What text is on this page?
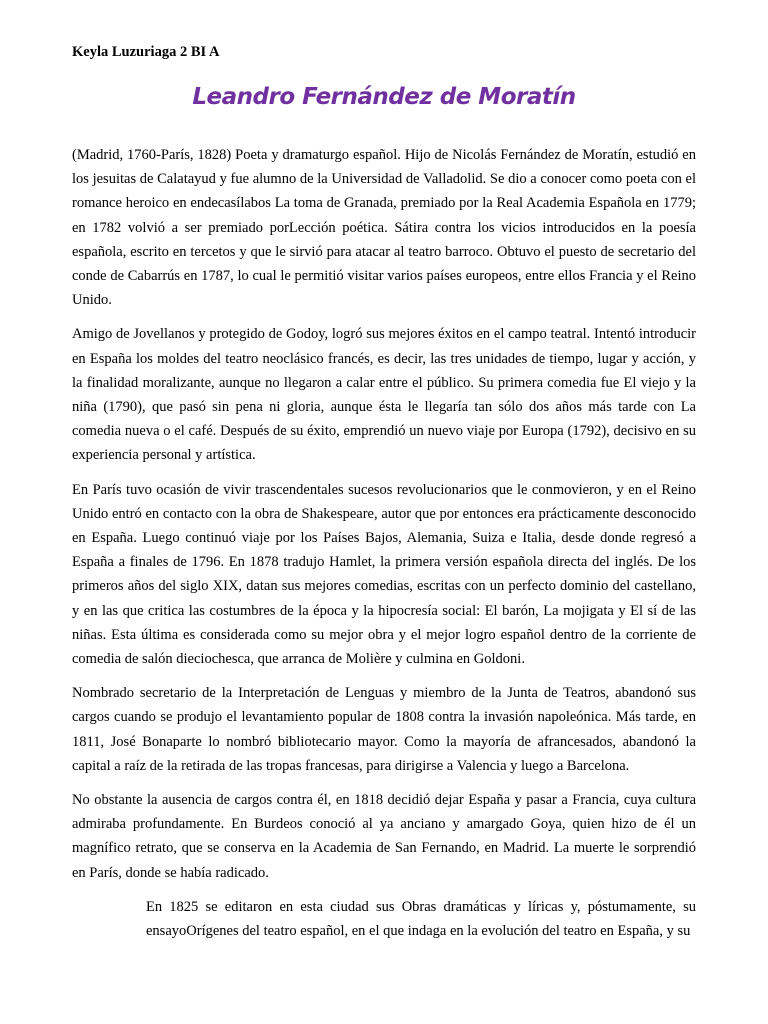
Keyla Luzuriaga 2 BI A

Leandro Fernández de Moratín

(Madrid, 1760-París, 1828) Poeta y dramaturgo español. Hijo de Nicolás Fernández de Moratín, estudió en los jesuitas de Calatayud y fue alumno de la Universidad de Valladolid. Se dio a conocer como poeta con el romance heroico en endecasílabos La toma de Granada, premiado por la Real Academia Española en 1779; en 1782 volvió a ser premiado porLección poética. Sátira contra los vicios introducidos en la poesía española, escrito en tercetos y que le sirvió para atacar al teatro barroco. Obtuvo el puesto de secretario del conde de Cabarrús en 1787, lo cual le permitió visitar varios países europeos, entre ellos Francia y el Reino Unido.

Amigo de Jovellanos y protegido de Godoy, logró sus mejores éxitos en el campo teatral. Intentó introducir en España los moldes del teatro neoclásico francés, es decir, las tres unidades de tiempo, lugar y acción, y la finalidad moralizante, aunque no llegaron a calar entre el público. Su primera comedia fue El viejo y la niña (1790), que pasó sin pena ni gloria, aunque ésta le llegaría tan sólo dos años más tarde con La comedia nueva o el café. Después de su éxito, emprendió un nuevo viaje por Europa (1792), decisivo en su experiencia personal y artística.

En París tuvo ocasión de vivir trascendentales sucesos revolucionarios que le conmovieron, y en el Reino Unido entró en contacto con la obra de Shakespeare, autor que por entonces era prácticamente desconocido en España. Luego continuó viaje por los Países Bajos, Alemania, Suiza e Italia, desde donde regresó a España a finales de 1796. En 1878 tradujo Hamlet, la primera versión española directa del inglés. De los primeros años del siglo XIX, datan sus mejores comedias, escritas con un perfecto dominio del castellano, y en las que critica las costumbres de la época y la hipocresía social: El barón, La mojigata y El sí de las niñas. Esta última es considerada como su mejor obra y el mejor logro español dentro de la corriente de comedia de salón dieciochesca, que arranca de Molière y culmina en Goldoni.

Nombrado secretario de la Interpretación de Lenguas y miembro de la Junta de Teatros, abandonó sus cargos cuando se produjo el levantamiento popular de 1808 contra la invasión napoleónica. Más tarde, en 1811, José Bonaparte lo nombró bibliotecario mayor. Como la mayoría de afrancesados, abandonó la capital a raíz de la retirada de las tropas francesas, para dirigirse a Valencia y luego a Barcelona.

No obstante la ausencia de cargos contra él, en 1818 decidió dejar España y pasar a Francia, cuya cultura admiraba profundamente. En Burdeos conoció al ya anciano y amargado Goya, quien hizo de él un magnífico retrato, que se conserva en la Academia de San Fernando, en Madrid. La muerte le sorprendió en París, donde se había radicado.

En 1825 se editaron en esta ciudad sus Obras dramáticas y líricas y, póstumamente, su ensayoOrígenes del teatro español, en el que indaga en la evolución del teatro en España, y su
